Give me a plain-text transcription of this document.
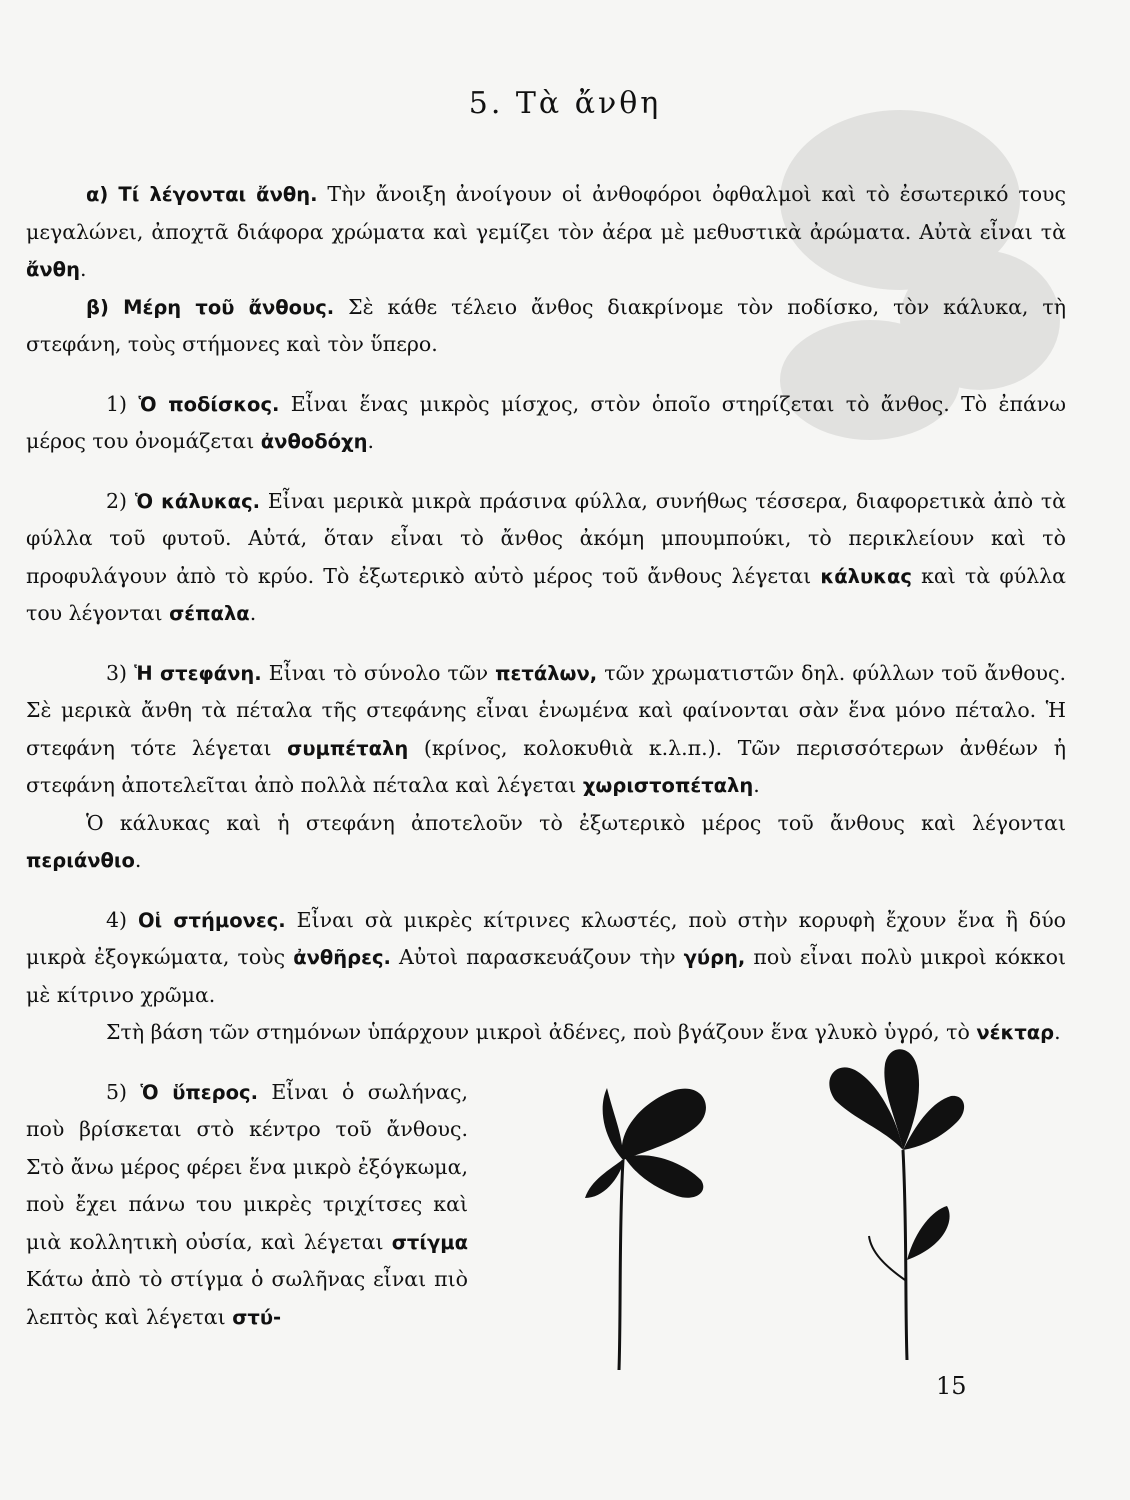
5. Τὰ ἄνθη

α) Τί λέγονται ἄνθη. Τὴν ἄνοιξη ἀνοίγουν οἱ ἀνθοφόροι ὀφθαλμοὶ καὶ τὸ ἐσωτερικό τους μεγαλώνει, ἀποχτᾶ διάφορα χρώματα καὶ γεμίζει τὸν ἀέρα μὲ μεθυστικὰ ἀρώματα. Αὐτὰ εἶναι τὰ ἄνθη.

β) Μέρη τοῦ ἄνθους. Σὲ κάθε τέλειο ἄνθος διακρίνομε τὸν ποδίσκο, τὸν κάλυκα, τὴ στεφάνη, τοὺς στήμονες καὶ τὸν ὕπερο.

1) Ὁ ποδίσκος. Εἶναι ἕνας μικρὸς μίσχος, στὸν ὁποῖο στηρίζεται τὸ ἄνθος. Τὸ ἐπάνω μέρος του ὀνομάζεται ἀνθοδόχη.

2) Ὁ κάλυκας. Εἶναι μερικὰ μικρὰ πράσινα φύλλα, συνήθως τέσσερα, διαφορετικὰ ἀπὸ τὰ φύλλα τοῦ φυτοῦ. Αὐτά, ὅταν εἶναι τὸ ἄνθος ἀκόμη μπουμπούκι, τὸ περικλείουν καὶ τὸ προφυλάγουν ἀπὸ τὸ κρύο. Τὸ ἐξωτερικὸ αὐτὸ μέρος τοῦ ἄνθους λέγεται κάλυκας καὶ τὰ φύλλα του λέγονται σέπαλα.

3) Ἡ στεφάνη. Εἶναι τὸ σύνολο τῶν πετάλων, τῶν χρωματιστῶν δηλ. φύλλων τοῦ ἄνθους. Σὲ μερικὰ ἄνθη τὰ πέταλα τῆς στεφάνης εἶναι ἑνωμένα καὶ φαίνονται σὰν ἕνα μόνο πέταλο. Ἡ στεφάνη τότε λέγεται συμπέταλη (κρίνος, κολοκυθιὰ κ.λ.π.). Τῶν περισσότερων ἀνθέων ἡ στεφάνη ἀποτελεῖται ἀπὸ πολλὰ πέταλα καὶ λέγεται χωριστοπέταλη.

Ὁ κάλυκας καὶ ἡ στεφάνη ἀποτελοῦν τὸ ἐξωτερικὸ μέρος τοῦ ἄνθους καὶ λέγονται περιάνθιο.

4) Οἱ στήμονες. Εἶναι σὰ μικρὲς κίτρινες κλωστές, ποὺ στὴν κορυφὴ ἔχουν ἕνα ἢ δύο μικρὰ ἐξογκώματα, τοὺς ἀνθῆρες. Αὐτοὶ παρασκευάζουν τὴν γύρη, ποὺ εἶναι πολὺ μικροὶ κόκκοι μὲ κίτρινο χρῶμα.

Στὴ βάση τῶν στημόνων ὑπάρχουν μικροὶ ἀδένες, ποὺ βγάζουν ἕνα γλυκὸ ὑγρό, τὸ νέκταρ.

5) Ὁ ὕπερος. Εἶναι ὁ σωλήνας, ποὺ βρίσκεται στὸ κέντρο τοῦ ἄνθους. Στὸ ἄνω μέρος φέρει ἕνα μικρὸ ἐξόγκωμα, ποὺ ἔχει πάνω του μικρὲς τριχίτσες καὶ μιὰ κολλητικὴ οὐσία, καὶ λέγεται στίγμα Κάτω ἀπὸ τὸ στίγμα ὁ σωλῆνας εἶναι πιὸ λεπτὸς καὶ λέγεται στύ-

15
